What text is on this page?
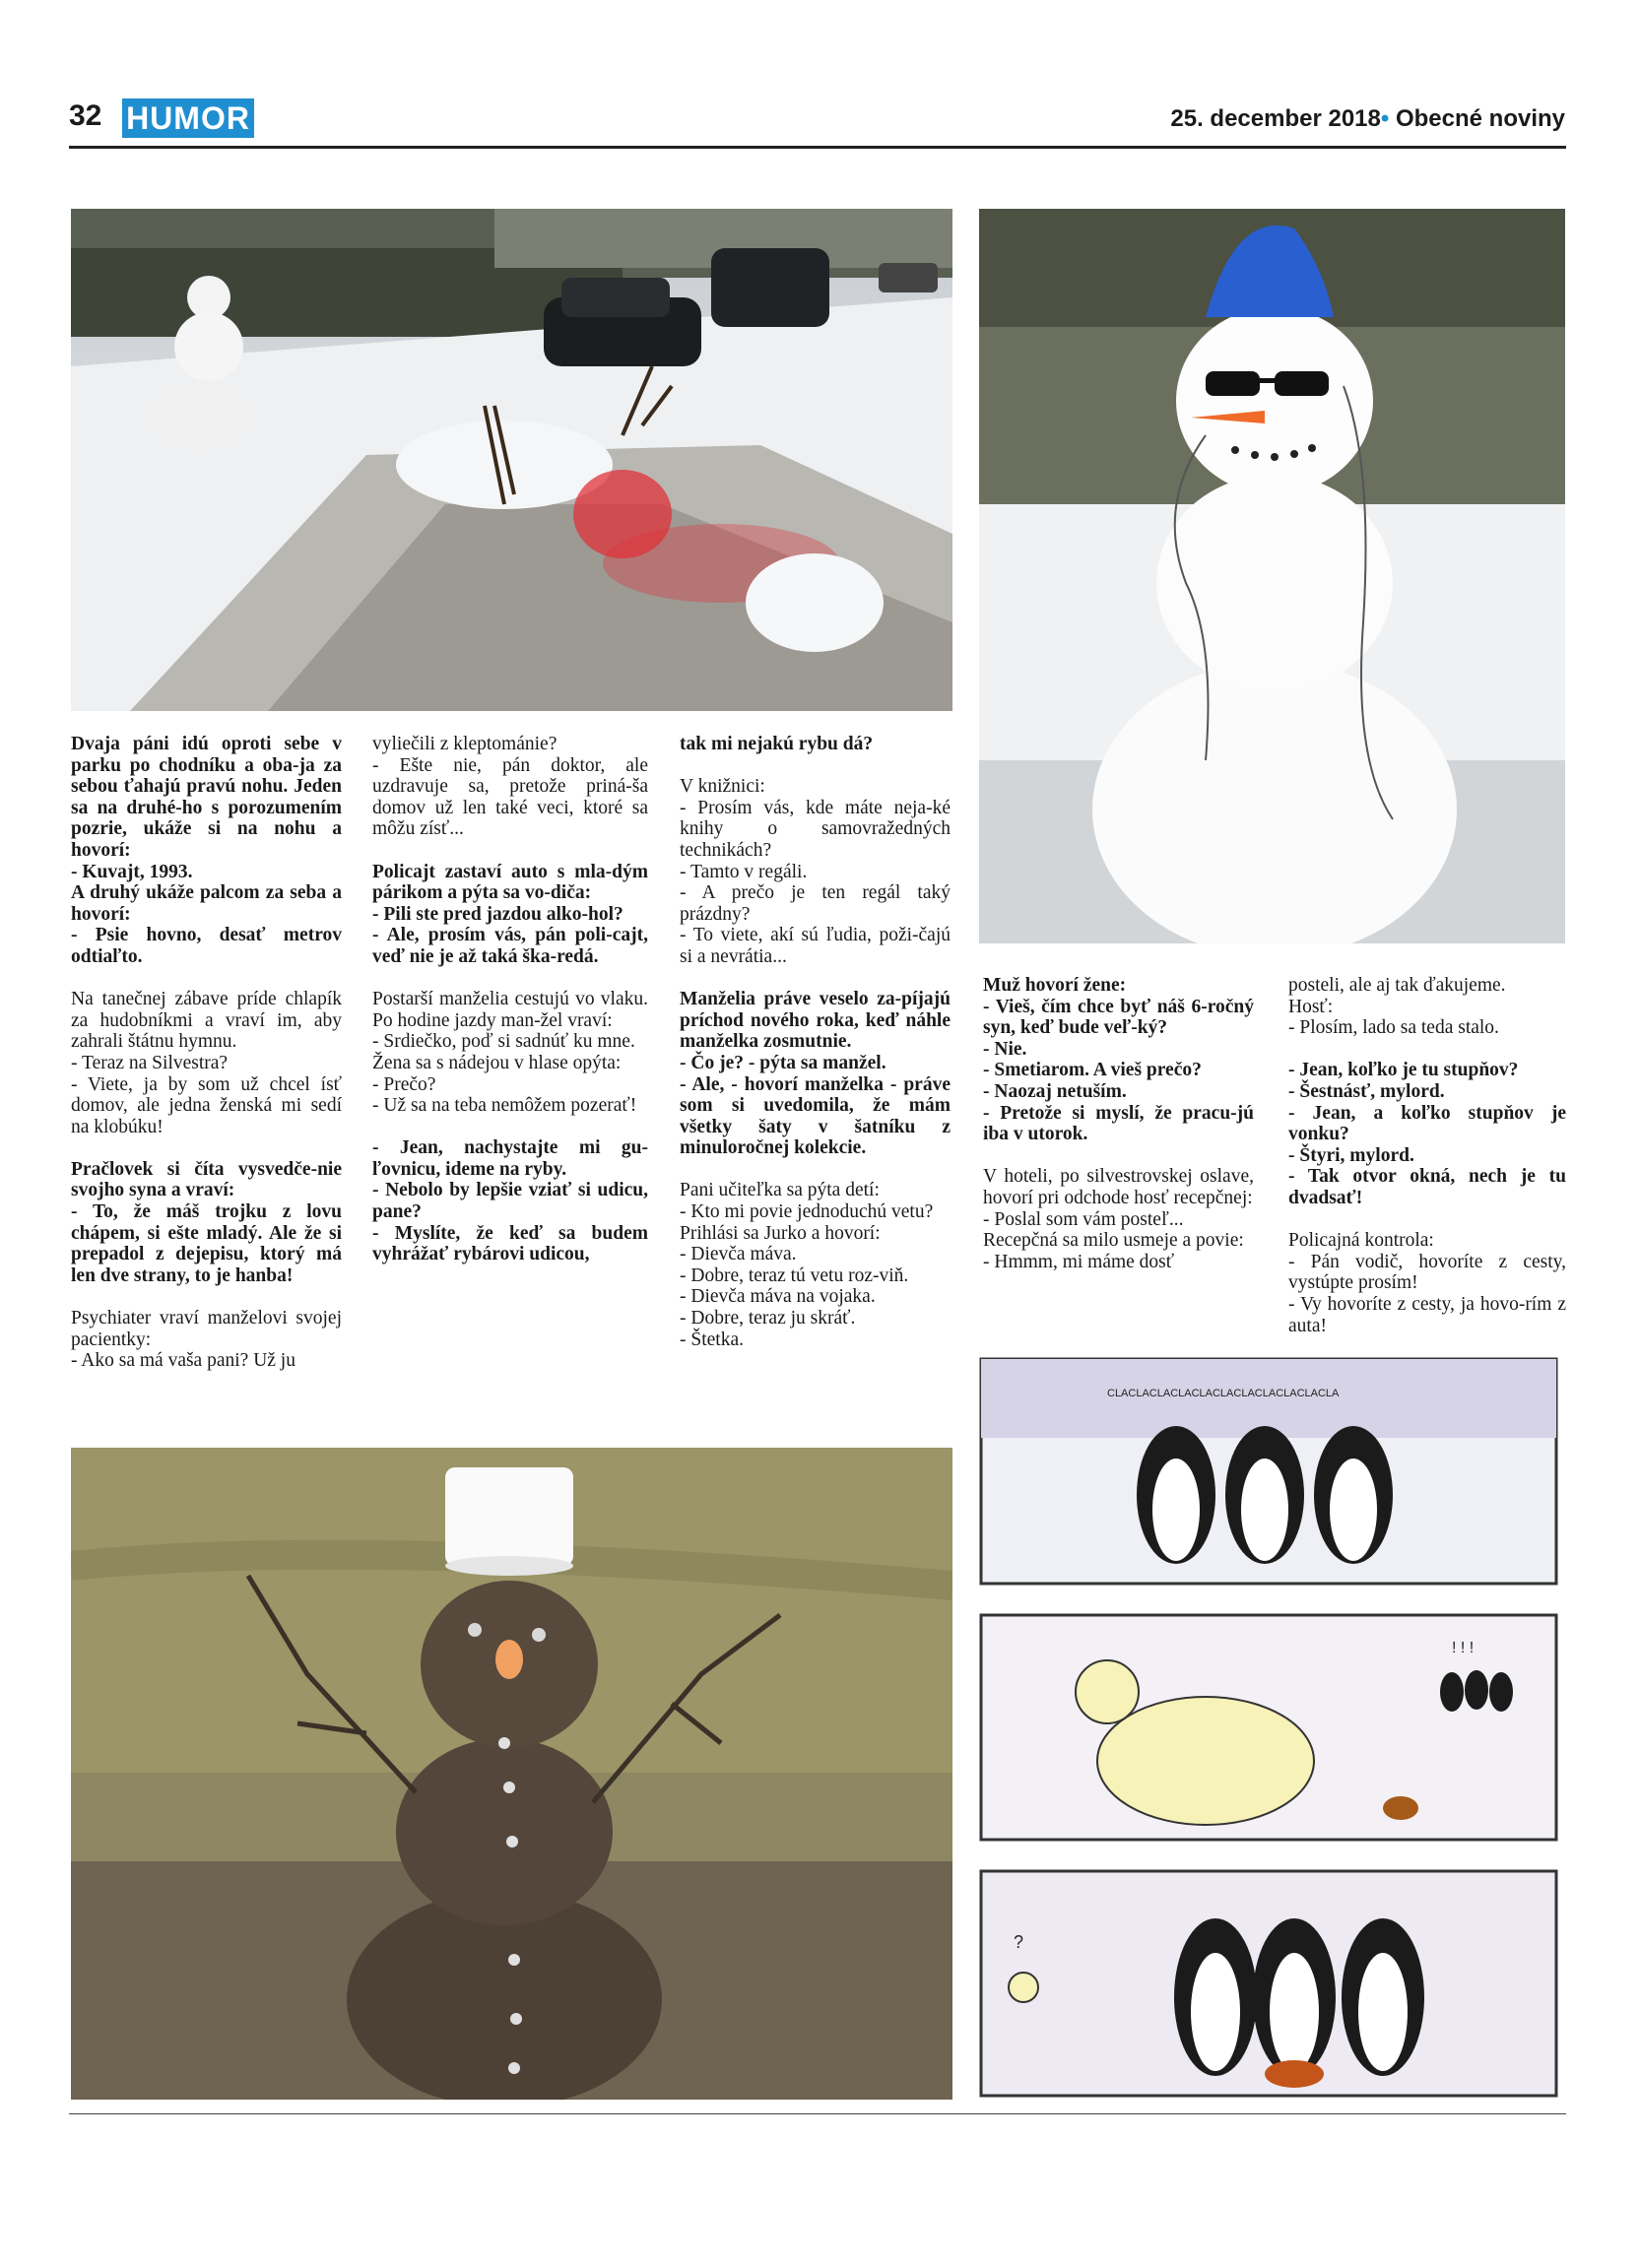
32 HUMOR	25. december 2018• Obecné noviny

Dvaja páni idú oproti sebe v parku po chodníku a oba-ja za sebou ťahajú pravú nohu. Jeden sa na druhé-ho s porozumením pozrie, ukáže si na nohu a hovorí:
- Kuvajt, 1993.
A druhý ukáže palcom za seba a hovorí:
- Psie hovno, desať metrov odtiaľto.

Na tanečnej zábave príde chlapík za hudobníkmi a vraví im, aby zahrali štátnu hymnu.
- Teraz na Silvestra?
- Viete, ja by som už chcel ísť domov, ale jedna ženská mi sedí na klobúku!

Pračlovek si číta vysvedče-nie svojho syna a vraví:
- To, že máš trojku z lovu chápem, si ešte mladý. Ale že si prepadol z dejepisu, ktorý má len dve strany, to je hanba!

Psychiater vraví manželovi svojej pacientky:
- Ako sa má vaša pani? Už ju

vyliečili z kleptománie?
- Ešte nie, pán doktor, ale uzdravuje sa, pretože priná-ša domov už len také veci, ktoré sa môžu zísť...

Policajt zastaví auto s mla-dým párikom a pýta sa vo-diča:
- Pili ste pred jazdou alko-hol?
- Ale, prosím vás, pán poli-cajt, veď nie je až taká ška-redá.

Postarší manželia cestujú vo vlaku. Po hodine jazdy man-žel vraví:
- Srdiečko, poď si sadnúť ku mne.
Žena sa s nádejou v hlase opýta:
- Prečo?
- Už sa na teba nemôžem pozerať!

- Jean, nachystajte mi gu-ľovnicu, ideme na ryby.
- Nebolo by lepšie vziať si udicu, pane?
- Myslíte, že keď sa budem vyhrážať rybárovi udicou,

tak mi nejakú rybu dá?

V knižnici:
- Prosím vás, kde máte neja-ké knihy o samovražedných technikách?
- Tamto v regáli.
- A prečo je ten regál taký prázdny?
- To viete, akí sú ľudia, poži-čajú si a nevrátia...

Manželia práve veselo za-píjajú príchod nového roka, keď náhle manželka zosmutnie.
- Čo je? - pýta sa manžel.
- Ale, - hovorí manželka - práve som si uvedomila, že mám všetky šaty v šatníku z minuloročnej kolekcie.

Pani učiteľka sa pýta detí:
- Kto mi povie jednoduchú vetu?
Prihlási sa Jurko a hovorí:
- Dievča máva.
- Dobre, teraz tú vetu roz-viň.
- Dievča máva na vojaka.
- Dobre, teraz ju skráť.
- Štetka.

Muž hovorí žene:
- Vieš, čím chce byť náš 6-ročný syn, keď bude veľ-ký?
- Nie.
- Smetiarom. A vieš prečo?
- Naozaj netuším.
- Pretože si myslí, že pracu-jú iba v utorok.

V hoteli, po silvestrovskej oslave, hovorí pri odchode hosť recepčnej:
- Poslal som vám posteľ...
Recepčná sa milo usmeje a povie:
- Hmmm, mi máme dosť

posteli, ale aj tak ďakujeme.
Hosť:
- Plosím, lado sa teda stalo.

- Jean, koľko je tu stupňov?
- Šestnásť, mylord.
- Jean, a koľko stupňov je vonku?
- Štyri, mylord.
- Tak otvor okná, nech je tu dvadsať!

Policajná kontrola:
- Pán vodič, hovoríte z cesty, vystúpte prosím!
- Vy hovoríte z cesty, ja hovo-rím z auta!

CLACLACLACLACLACLACLACLACLACLACLA
! ! !
?
